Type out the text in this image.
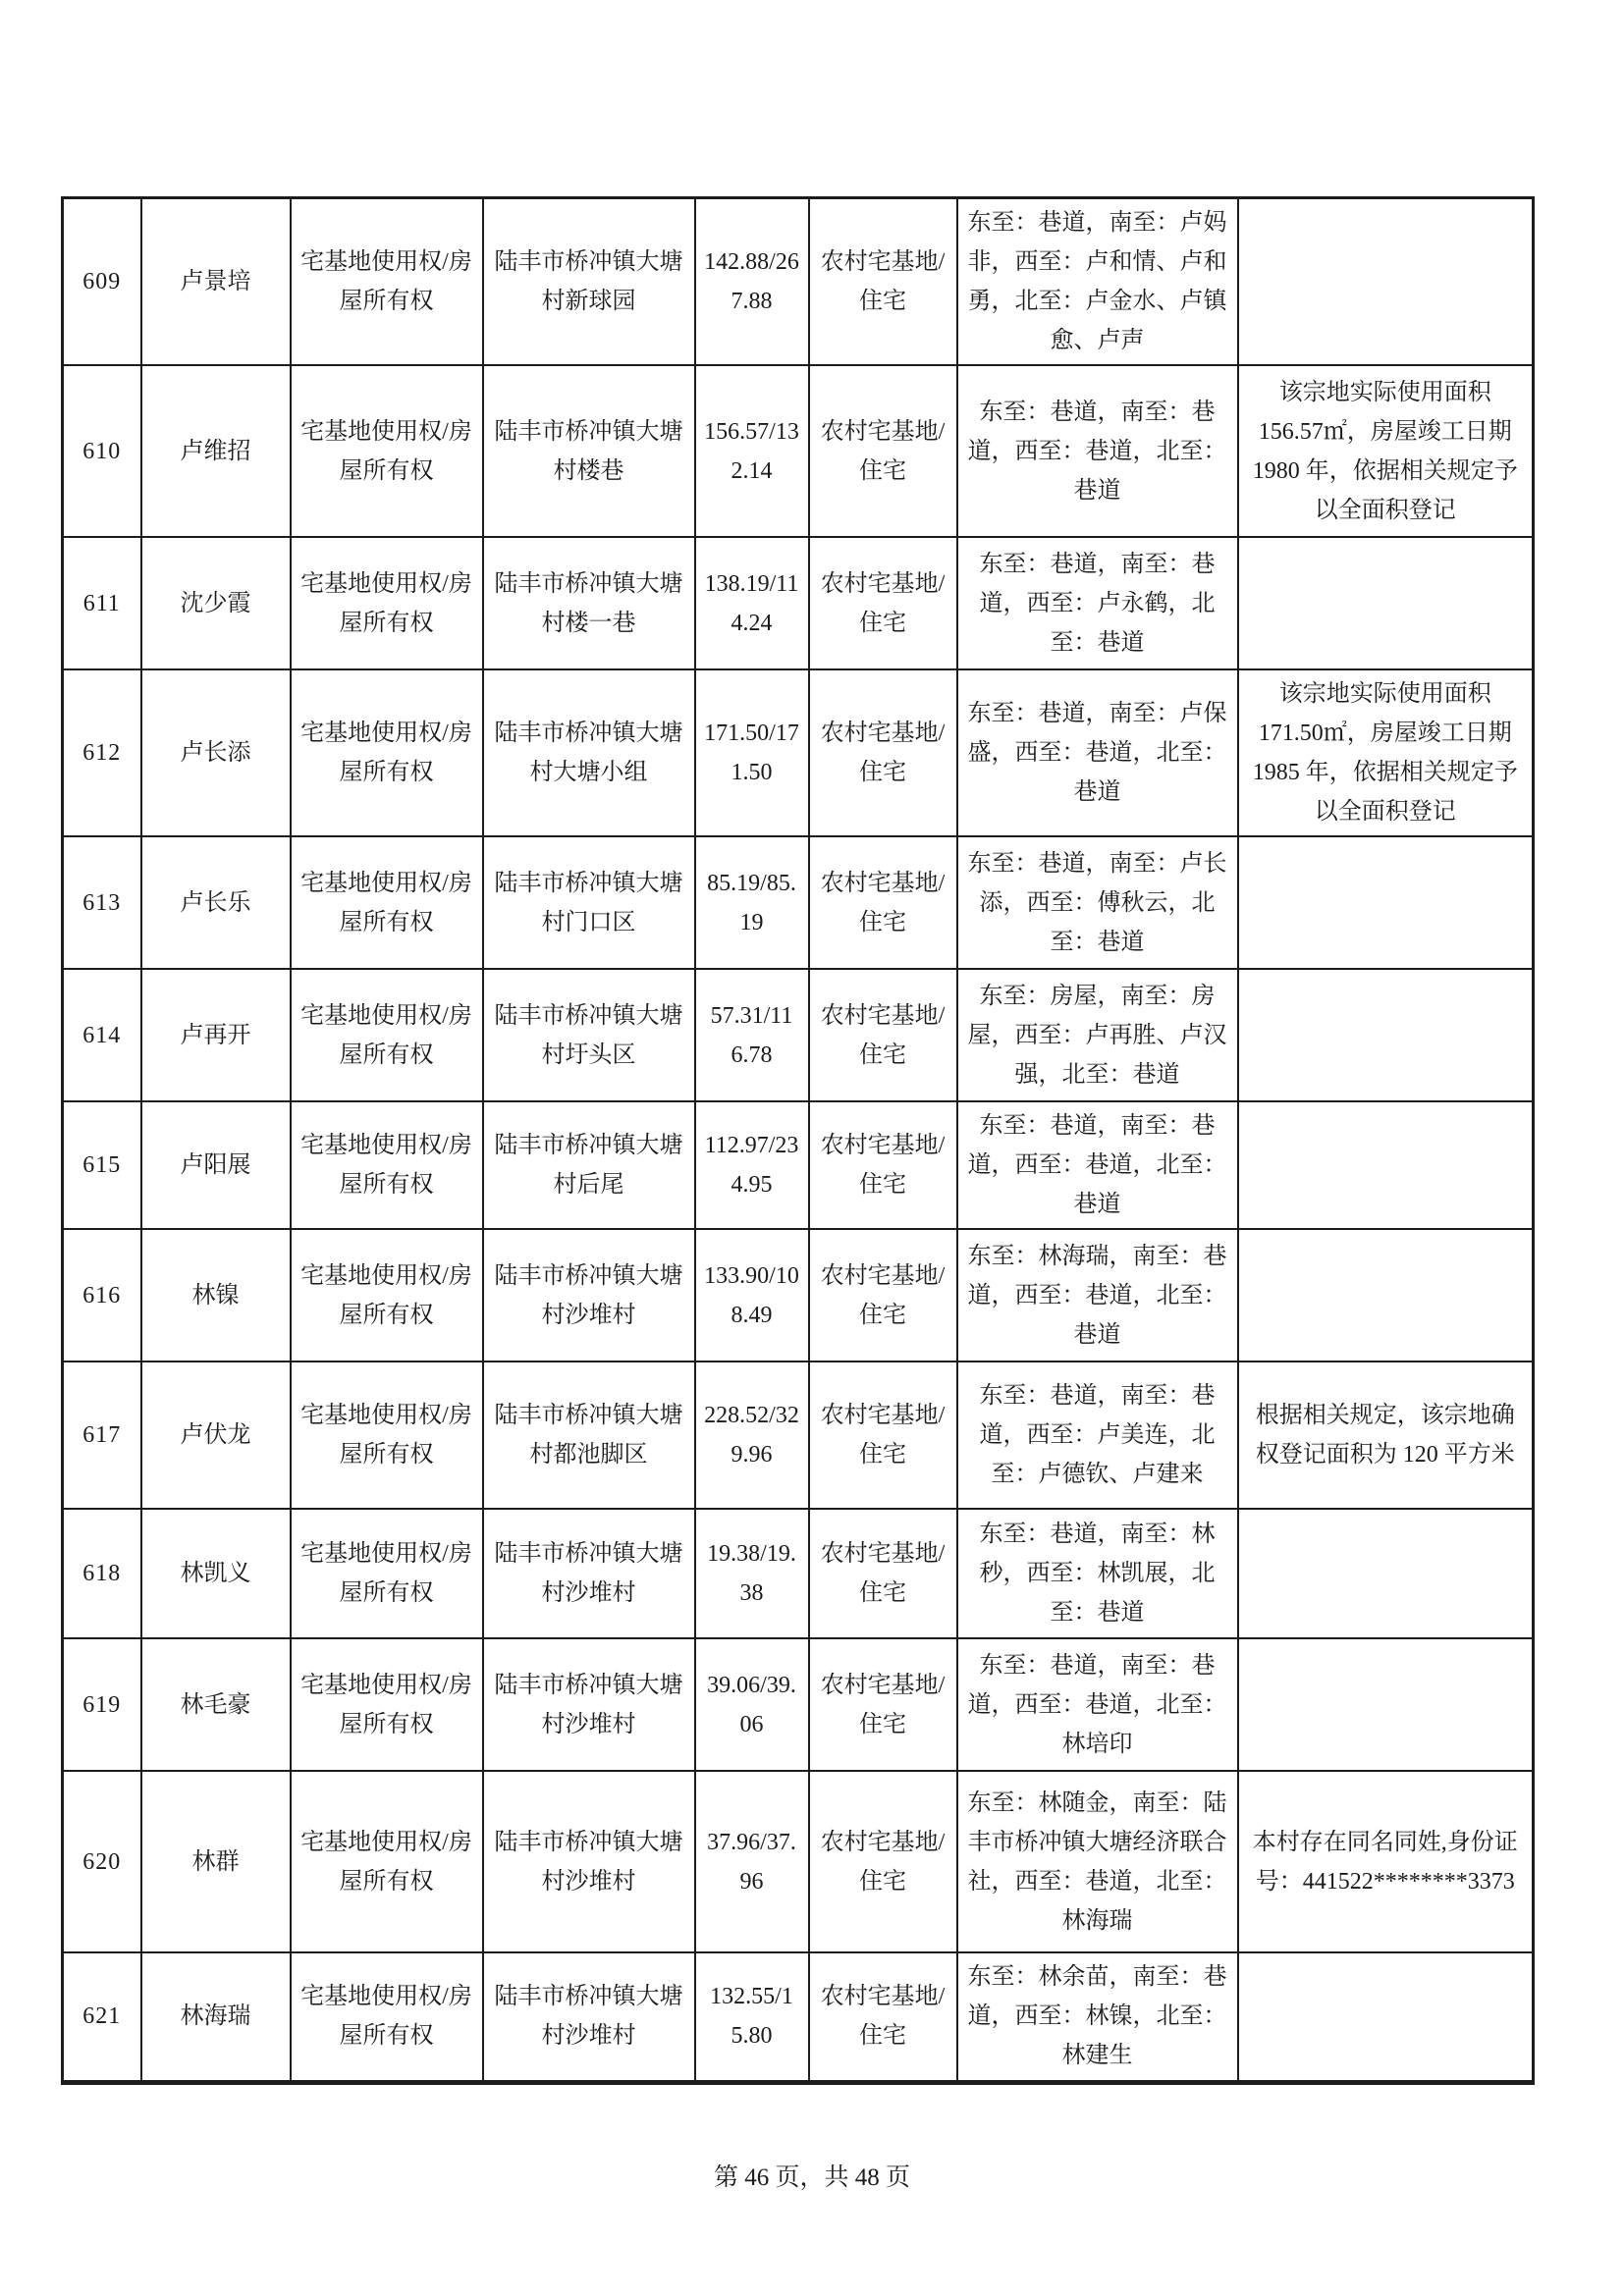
609	卢景培	宅基地使用权/房屋所有权	陆丰市桥冲镇大塘村新球园	142.88/267.88	农村宅基地/住宅	东至：巷道，南至：卢妈非，西至：卢和情、卢和勇，北至：卢金水、卢镇愈、卢声	
610	卢维招	宅基地使用权/房屋所有权	陆丰市桥冲镇大塘村楼巷	156.57/132.14	农村宅基地/住宅	东至：巷道，南至：巷道，西至：巷道，北至：巷道	该宗地实际使用面积 156.57㎡，房屋竣工日期 1980 年，依据相关规定予以全面积登记
611	沈少霞	宅基地使用权/房屋所有权	陆丰市桥冲镇大塘村楼一巷	138.19/114.24	农村宅基地/住宅	东至：巷道，南至：巷道，西至：卢永鹤，北至：巷道	
612	卢长添	宅基地使用权/房屋所有权	陆丰市桥冲镇大塘村大塘小组	171.50/171.50	农村宅基地/住宅	东至：巷道，南至：卢保盛，西至：巷道，北至：巷道	该宗地实际使用面积 171.50㎡，房屋竣工日期 1985 年，依据相关规定予以全面积登记
613	卢长乐	宅基地使用权/房屋所有权	陆丰市桥冲镇大塘村门口区	85.19/85.19	农村宅基地/住宅	东至：巷道，南至：卢长添，西至：傅秋云，北至：巷道	
614	卢再开	宅基地使用权/房屋所有权	陆丰市桥冲镇大塘村圩头区	57.31/116.78	农村宅基地/住宅	东至：房屋，南至：房屋，西至：卢再胜、卢汉强，北至：巷道	
615	卢阳展	宅基地使用权/房屋所有权	陆丰市桥冲镇大塘村后尾	112.97/234.95	农村宅基地/住宅	东至：巷道，南至：巷道，西至：巷道，北至：巷道	
616	林镍	宅基地使用权/房屋所有权	陆丰市桥冲镇大塘村沙堆村	133.90/108.49	农村宅基地/住宅	东至：林海瑞，南至：巷道，西至：巷道，北至：巷道	
617	卢伏龙	宅基地使用权/房屋所有权	陆丰市桥冲镇大塘村都池脚区	228.52/329.96	农村宅基地/住宅	东至：巷道，南至：巷道，西至：卢美连，北至：卢德钦、卢建来	根据相关规定，该宗地确权登记面积为 120 平方米
618	林凯义	宅基地使用权/房屋所有权	陆丰市桥冲镇大塘村沙堆村	19.38/19.38	农村宅基地/住宅	东至：巷道，南至：林秒，西至：林凯展，北至：巷道	
619	林毛豪	宅基地使用权/房屋所有权	陆丰市桥冲镇大塘村沙堆村	39.06/39.06	农村宅基地/住宅	东至：巷道，南至：巷道，西至：巷道，北至：林培印	
620	林群	宅基地使用权/房屋所有权	陆丰市桥冲镇大塘村沙堆村	37.96/37.96	农村宅基地/住宅	东至：林随金，南至：陆丰市桥冲镇大塘经济联合社，西至：巷道，北至：林海瑞	本村存在同名同姓,身份证号：441522********3373
621	林海瑞	宅基地使用权/房屋所有权	陆丰市桥冲镇大塘村沙堆村	132.55/15.80	农村宅基地/住宅	东至：林余苗，南至：巷道，西至：林镍，北至：林建生	
第 46 页，共 48 页
